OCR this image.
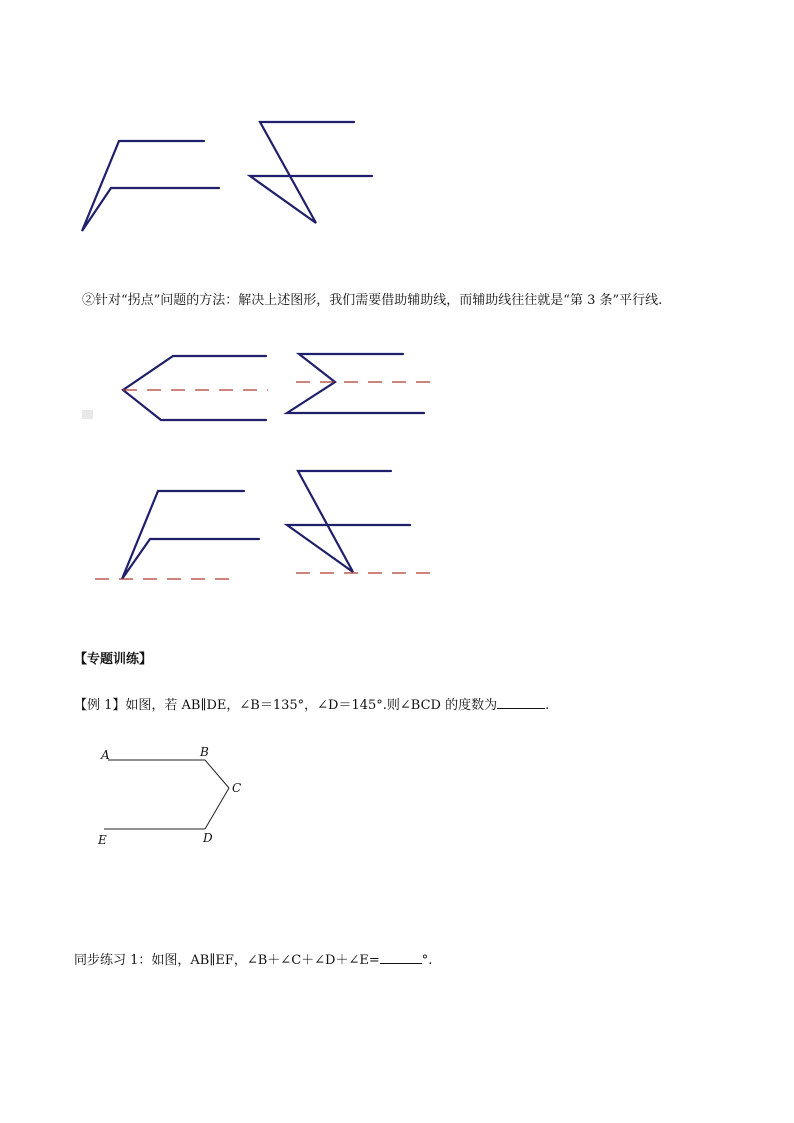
②针对“拐点”问题的方法：解决上述图形，我们需要借助辅助线，而辅助线往往就是“第 3 条”平行线.
【专题训练】
【例 1】如图，若 AB∥DE，∠B＝135°，∠D＝145°.则∠BCD 的度数为	.
A	B
C
D
E
同步练习 1：如图，AB∥EF，∠B＋∠C＋∠D＋∠E=	°.
